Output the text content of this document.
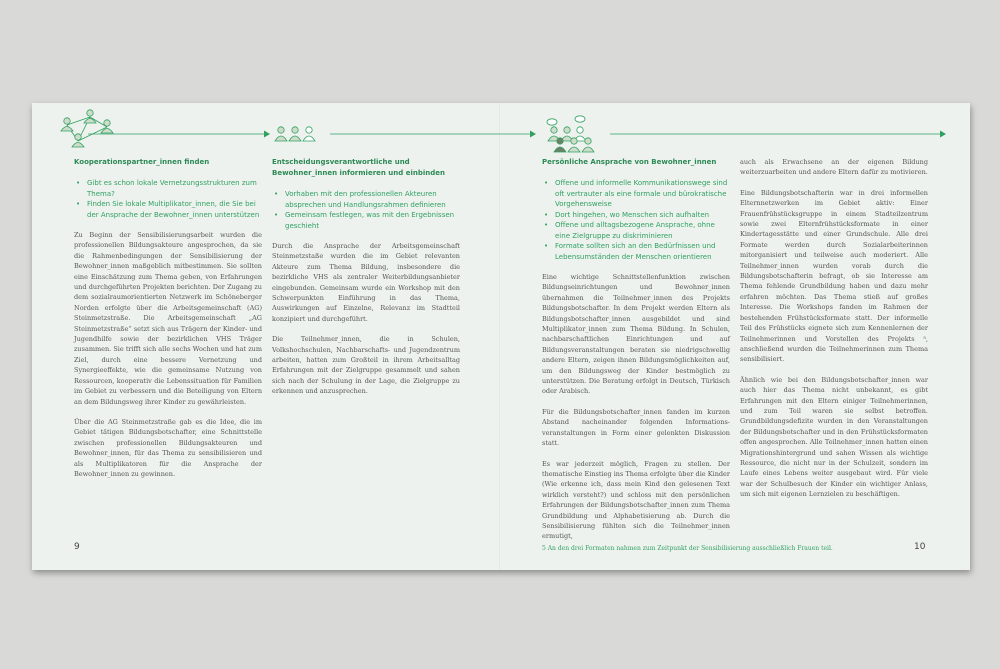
Kooperationspartner_innen finden
• Gibt es schon lokale Vernetzungsstrukturen zum Thema?
• Finden Sie lokale Multiplikator_innen, die Sie bei der Ansprache der Bewohner_innen unterstützen

Zu Beginn der Sensibilisierungsarbeit wurden die professionellen Bildungsakteure angesprochen, da sie die Rahmenbedingungen der Sensibilisierung der Bewohner_innen maßgeblich mitbestimmen. Sie sollten eine Einschätzung zum Thema geben, von Erfahrungen und durchgeführten Projekten berichten. Der Zugang zu dem sozialraumorientierten Netzwerk im Schöneberger Norden erfolgte über die Arbeitsgemeinschaft (AG) Steinmetzstraße. Die Arbeitsgemeinschaft „AG Steinmetzstraße“ setzt sich aus Trägern der Kinder- und Jugendhilfe sowie der bezirklichen VHS Träger zusammen. Sie trifft sich alle sechs Wochen und hat zum Ziel, durch eine bessere Vernetzung und Synergieeffekte, wie die gemeinsame Nutzung von Ressourcen, kooperativ die Lebenssituation für Familien im Gebiet zu verbessern und die Beteiligung von Eltern an dem Bildungsweg ihrer Kinder zu gewährleisten.

Über die AG Steinmetzstraße gab es die Idee, die im Gebiet tätigen Bildungsbotschafter, eine Schnittstelle zwischen professionellen Bildungsakteuren und Bewohner_innen, für das Thema zu sensibilisieren und als Multiplikatoren für die Ansprache der Bewohner_innen zu gewinnen.

Entscheidungsverantwortliche und Bewohner_innen informieren und einbinden
• Vorhaben mit den professionellen Akteuren absprechen und Handlungsrahmen definieren
• Gemeinsam festlegen, was mit den Ergebnissen geschieht

Durch die Ansprache der Arbeitsgemeinschaft Steinmetzstaße wurden die im Gebiet relevanten Akteure zum Thema Bildung, insbesondere die bezirkliche VHS als zentraler Weiterbildungsanbieter eingebunden. Gemeinsam wurde ein Workshop mit den Schwerpunkten Einführung in das Thema, Auswirkungen auf Einzelne, Relevanz im Stadtteil konzipiert und durchgeführt.

Die Teilnehmer_innen, die in Schulen, Volkshochschulen, Nachbarschafts- und Jugendzentrum arbeiten, hatten zum Großteil in ihrem Arbeitsalltag Erfahrungen mit der Zielgruppe gesammelt und sahen sich nach der Schulung in der Lage, die Zielgruppe zu erkennen und anzusprechen.

Persönliche Ansprache von Bewohner_innen
• Offene und informelle Kommunikationswege sind oft vertrauter als eine formale und bürokratische Vorgehensweise
• Dort hingehen, wo Menschen sich aufhalten
• Offene und alltagsbezogene Ansprache, ohne eine Zielgruppe zu diskriminieren
• Formate sollten sich an den Bedürfnissen und Lebensumständen der Menschen orientieren

Eine wichtige Schnittstellenfunktion zwischen Bildungseinrichtungen und Bewohner_innen übernahmen die Teilnehmer_innen des Projekts Bildungsbotschafter. In dem Projekt werden Eltern als Bildungsbotschafter_innen ausgebildet und sind Multiplikator_innen zum Thema Bildung. In Schulen, nachbarschaftlichen Einrichtungen und auf Bildungsveranstaltungen beraten sie niedrigschwellig andere Eltern, zeigen ihnen Bildungsmöglichkeiten auf, um den Bildungsweg der Kinder bestmöglich zu unterstützen. Die Beratung erfolgt in Deutsch, Türkisch oder Arabisch.

Für die Bildungsbotschafter_innen fanden im kurzen Abstand nacheinander folgenden Informations-veranstaltungen in Form einer gelenkten Diskussion statt.

Es war jederzeit möglich, Fragen zu stellen. Der thematische Einstieg ins Thema erfolgte über die Kinder (Wie erkenne ich, dass mein Kind den gelesenen Text wirklich versteht?) und schloss mit den persönlichen Erfahrungen der Bildungsbotschafter_innen zum Thema Grundbildung und Alphabetisierung ab. Durch die Sensibilisierung fühlten sich die Teilnehmer_innen ermutigt,

auch als Erwachsene an der eigenen Bildung weiterzuarbeiten und andere Eltern dafür zu motivieren.

Eine Bildungsbotschafterin war in drei informellen Elternnetzwerken im Gebiet aktiv: Einer Frauenfrühstücksgruppe in einem Stadteilzentrum sowie zwei Elternfrühstücksformate in einer Kindertagesstätte und einer Grundschule. Alle drei Formate werden durch Sozialarbeiterinnen mitorganisiert und teilweise auch moderiert. Alle Teilnehmer_innen wurden vorab durch die Bildungsbotschafterin befragt, ob sie Interesse am Thema fehlende Grundbildung haben und dazu mehr erfahren möchten. Das Thema stieß auf großes Interesse. Die Workshops fanden im Rahmen der bestehenden Frühstücksformate statt. Der informelle Teil des Frühstücks eignete sich zum Kennenlernen der Teilnehmerinnen und Vorstellen des Projekts ⁵, anschließend wurden die Teilnehmerinnen zum Thema sensibilisiert.

Ähnlich wie bei den Bildungsbotschafter_innen war auch hier das Thema nicht unbekannt, es gibt Erfahrungen mit den Eltern einiger Teilnehmerinnen, und zum Teil waren sie selbst betroffen. Grundbildungsdefizite wurden in den Veranstaltungen der Bildungsbotschafter und in den Frühstücksformaten offen angesprochen. Alle Teilnehmer_innen hatten einen Migrationshintergrund und sahen Wissen als wichtige Ressource, die nicht nur in der Schulzeit, sondern im Laufe eines Lebens weiter ausgebaut wird. Für viele war der Schulbesuch der Kinder ein wichtiger Anlass, um sich mit eigenen Lernzielen zu beschäftigen.

5 An den drei Formaten nahmen zum Zeitpunkt der Sensibilisierung ausschließlich Frauen teil.
9	10
